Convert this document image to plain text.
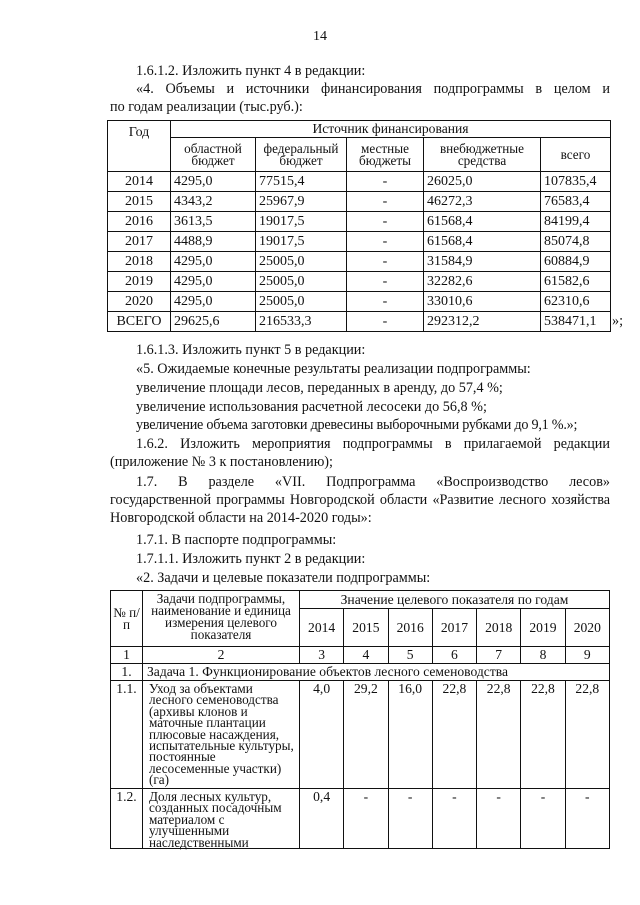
14
1.6.1.2. Изложить пункт 4 в редакции:
«4. Объемы и источники финансирования подпрограммы в целом и
по годам реализации (тыс.руб.):
Год	Источник финансирования				
	областной бюджет	федеральный бюджет	местные бюджеты	внебюджетные средства	всего
2014	4295,0	77515,4	-	26025,0	107835,4
2015	4343,2	25967,9	-	46272,3	76583,4
2016	3613,5	19017,5	-	61568,4	84199,4
2017	4488,9	19017,5	-	61568,4	85074,8
2018	4295,0	25005,0	-	31584,9	60884,9
2019	4295,0	25005,0	-	32282,6	61582,6
2020	4295,0	25005,0	-	33010,6	62310,6
ВСЕГО	29625,6	216533,3	-	292312,2	538471,1 »;
1.6.1.3. Изложить пункт 5 в редакции:
«5. Ожидаемые конечные результаты реализации подпрограммы:
увеличение площади лесов, переданных в аренду, до 57,4 %;
увеличение использования расчетной лесосеки до 56,8 %;
увеличение объема заготовки древесины выборочными рубками до 9,1 %.»;
1.6.2. Изложить мероприятия подпрограммы в прилагаемой редакции (приложение № 3 к постановлению);
1.7. В разделе «VII. Подпрограмма «Воспроизводство лесов» государственной программы Новгородской области «Развитие лесного хозяйства Новгородской области на 2014-2020 годы»:
1.7.1. В паспорте подпрограммы:
1.7.1.1. Изложить пункт 2 в редакции:
«2. Задачи и целевые показатели подпрограммы:
№ п/п	Задачи подпрограммы, наименование и единица измерения целевого показателя	Значение целевого показателя по годам						
		2014	2015	2016	2017	2018	2019	2020
1	2	3	4	5	6	7	8	9
1.	Задача 1. Функционирование объектов лесного семеноводства							
1.1.	Уход за объектами лесного семеноводства (архивы клонов и маточные плантации плюсовые насаждения, испытательные культуры, постоянные лесосеменные участки) (га)	4,0	29,2	16,0	22,8	22,8	22,8	22,8
1.2.	Доля лесных культур, созданных посадочным материалом с улучшенными наследственными	0,4	-	-	-	-	-	-
